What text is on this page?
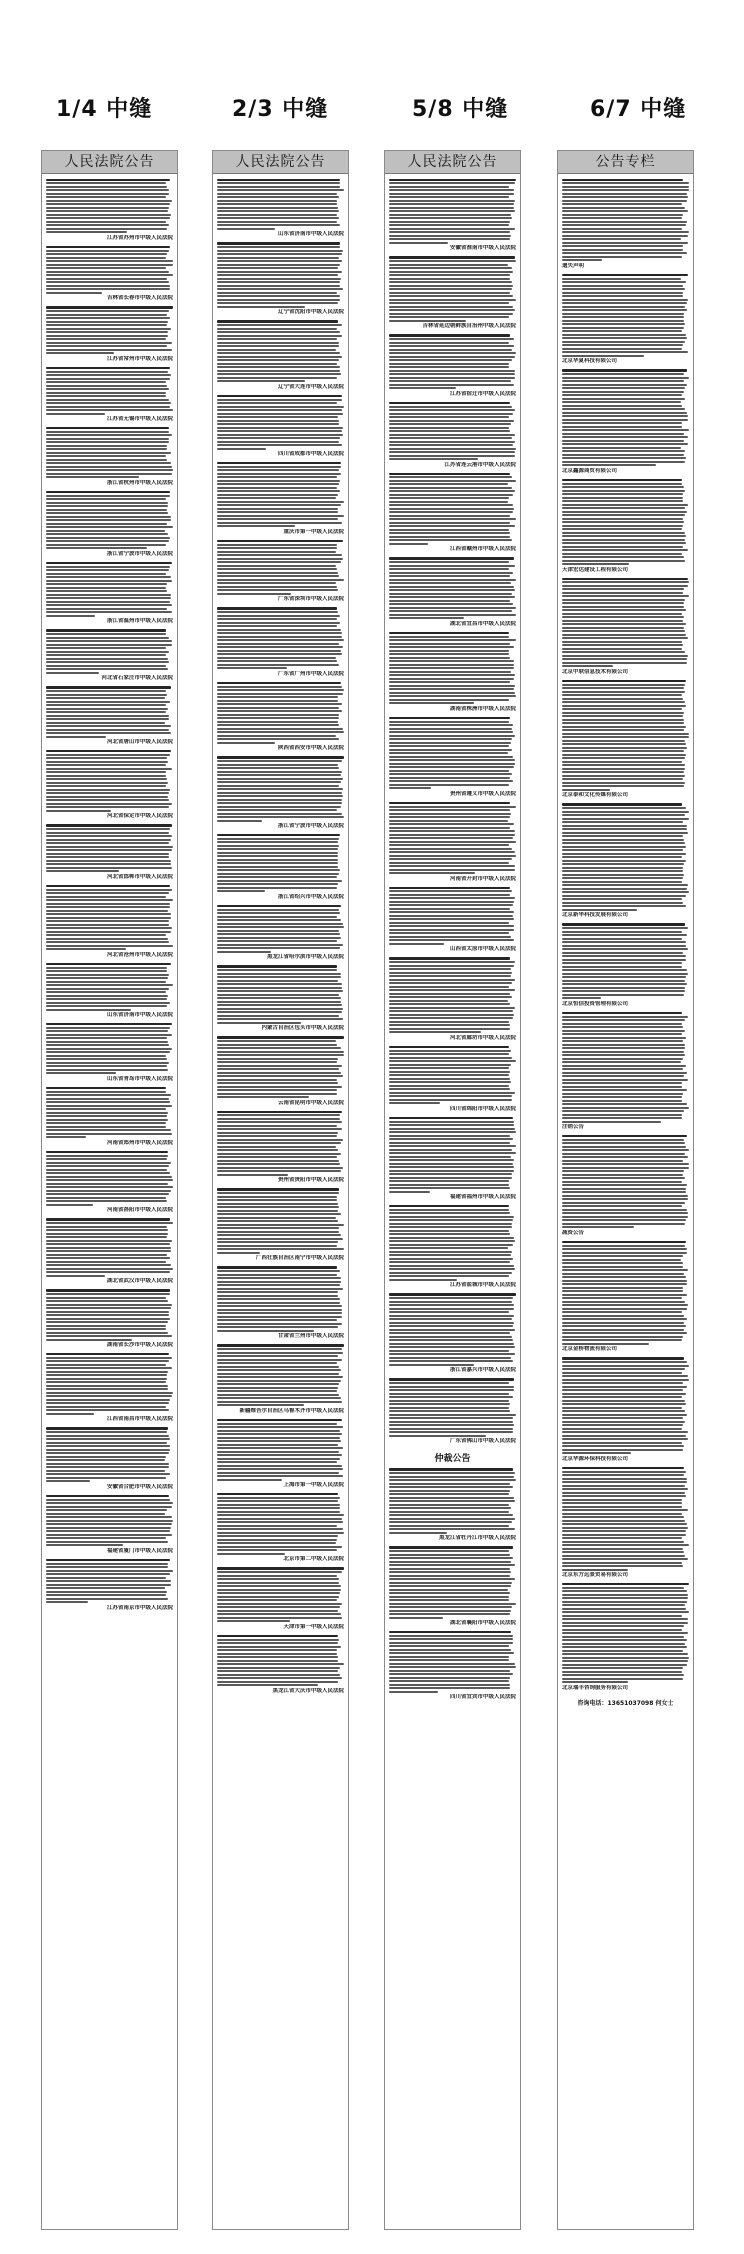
1/4 中缝	2/3 中缝	5/8 中缝	6/7 中缝
人民法院公告
江苏省苏州市中级人民法院
吉林省长春市中级人民法院
江苏省常州市中级人民法院
江苏省无锡市中级人民法院
浙江省杭州市中级人民法院
浙江省宁波市中级人民法院
浙江省温州市中级人民法院
河北省石家庄市中级人民法院
河北省唐山市中级人民法院
河北省保定市中级人民法院
河北省邯郸市中级人民法院
河北省沧州市中级人民法院
山东省济南市中级人民法院
山东省青岛市中级人民法院
河南省郑州市中级人民法院
河南省洛阳市中级人民法院
湖北省武汉市中级人民法院
湖南省长沙市中级人民法院
江西省南昌市中级人民法院
安徽省合肥市中级人民法院
福建省厦门市中级人民法院
江苏省南京市中级人民法院
人民法院公告
山东省济南市中级人民法院
辽宁省沈阳市中级人民法院
辽宁省大连市中级人民法院
四川省成都市中级人民法院
重庆市第一中级人民法院
广东省深圳市中级人民法院
广东省广州市中级人民法院
陕西省西安市中级人民法院
浙江省宁波市中级人民法院
浙江省绍兴市中级人民法院
黑龙江省哈尔滨市中级人民法院
内蒙古自治区包头市中级人民法院
云南省昆明市中级人民法院
贵州省贵阳市中级人民法院
广西壮族自治区南宁市中级人民法院
甘肃省兰州市中级人民法院
新疆维吾尔自治区乌鲁木齐市中级人民法院
上海市第一中级人民法院
北京市第二中级人民法院
天津市第一中级人民法院
黑龙江省大庆市中级人民法院
人民法院公告
安徽省淮南市中级人民法院
吉林省延边朝鲜族自治州中级人民法院
江苏省宿迁市中级人民法院
江苏省连云港市中级人民法院
江西省赣州市中级人民法院
湖北省宜昌市中级人民法院
湖南省株洲市中级人民法院
贵州省遵义市中级人民法院
河南省开封市中级人民法院
山西省太原市中级人民法院
河北省廊坊市中级人民法院
四川省绵阳市中级人民法院
福建省福州市中级人民法院
江苏省盐城市中级人民法院
浙江省嘉兴市中级人民法院
广东省佛山市中级人民法院
仲裁公告
黑龙江省牡丹江市中级人民法院
湖北省襄阳市中级人民法院
四川省宜宾市中级人民法院
公告专栏
遗失声明
北京华夏科技有限公司
北京鑫源商贸有限公司
天津宏达建设工程有限公司
北京中联信息技术有限公司
北京泰和文化传媒有限公司
北京新华科技发展有限公司
北京恒信投资管理有限公司
注销公告
减资公告
北京金桥物流有限公司
北京华源环保科技有限公司
北京东方远景贸易有限公司
北京瑞丰咨询服务有限公司
咨询电话：13651037098 何女士
